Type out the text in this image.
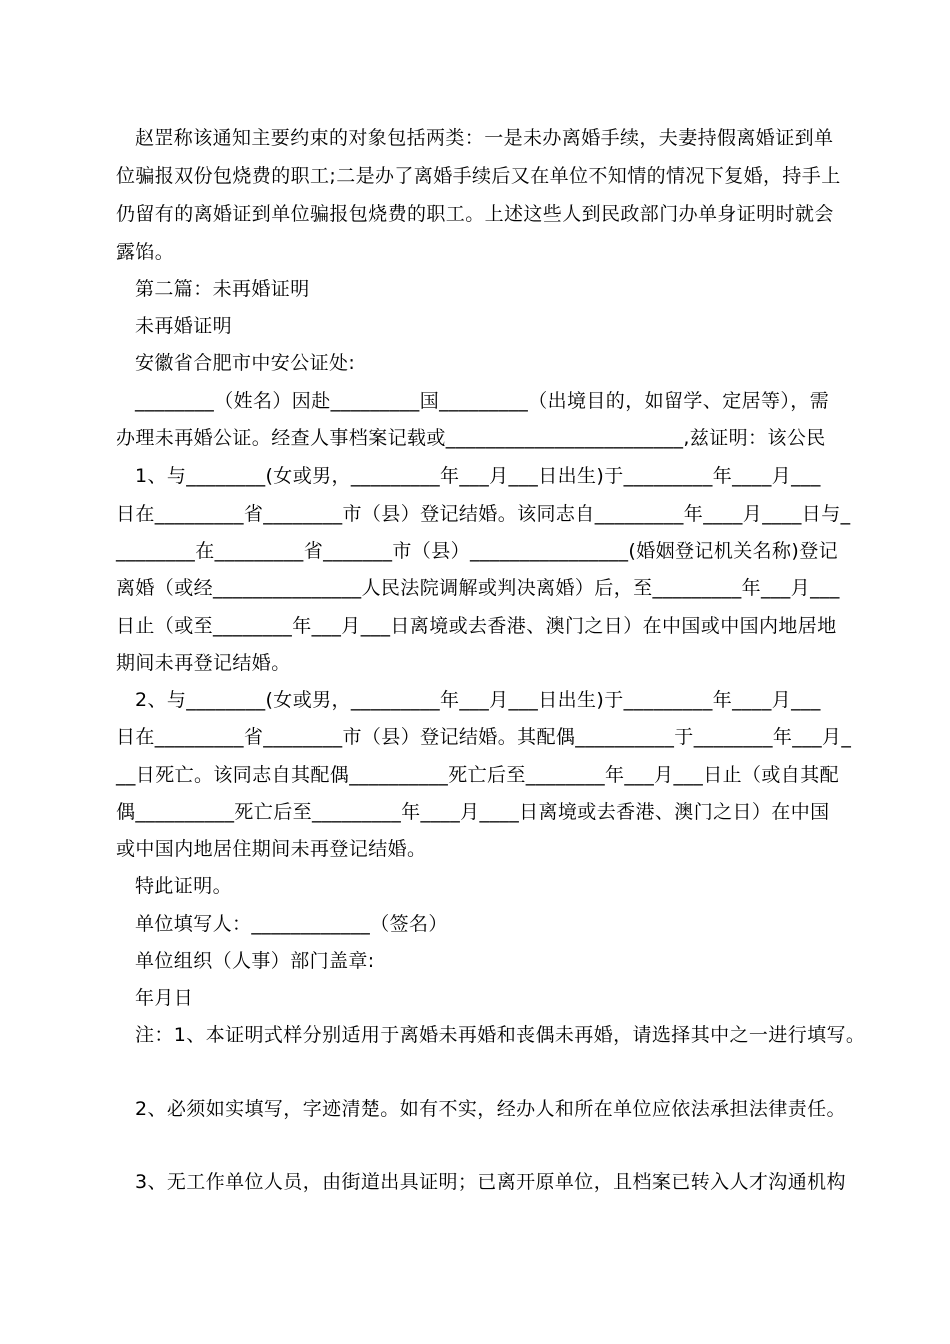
赵罡称该通知主要约束的对象包括两类：一是未办离婚手续，夫妻持假离婚证到单
位骗报双份包烧费的职工;二是办了离婚手续后又在单位不知情的情况下复婚，持手上
仍留有的离婚证到单位骗报包烧费的职工。上述这些人到民政部门办单身证明时就会
露馅。
第二篇：未再婚证明
未再婚证明
安徽省合肥市中安公证处:
________（姓名）因赴_________国_________（出境目的，如留学、定居等），需
办理未再婚公证。经查人事档案记载或________________________,兹证明：该公民
1、与________(女或男，_________年___月___日出生)于_________年____月___
日在_________省________市（县）登记结婚。该同志自_________年____月____日与_
________在_________省_______市（县）________________(婚姻登记机关名称)登记
离婚（或经_______________人民法院调解或判决离婚）后，至_________年___月___
日止（或至________年___月___日离境或去香港、澳门之日）在中国或中国内地居地
期间未再登记结婚。
2、与________(女或男，_________年___月___日出生)于_________年____月___
日在_________省________市（县）登记结婚。其配偶__________于________年___月_
__日死亡。该同志自其配偶__________死亡后至________年___月___日止（或自其配
偶__________死亡后至_________年____月____日离境或去香港、澳门之日）在中国
或中国内地居住期间未再登记结婚。
特此证明。
单位填写人：____________（签名）
单位组织（人事）部门盖章:
年月日
注：1、本证明式样分别适用于离婚未再婚和丧偶未再婚，请选择其中之一进行填写。
2、必须如实填写，字迹清楚。如有不实，经办人和所在单位应依法承担法律责任。
3、无工作单位人员，由街道出具证明；已离开原单位，且档案已转入人才沟通机构
